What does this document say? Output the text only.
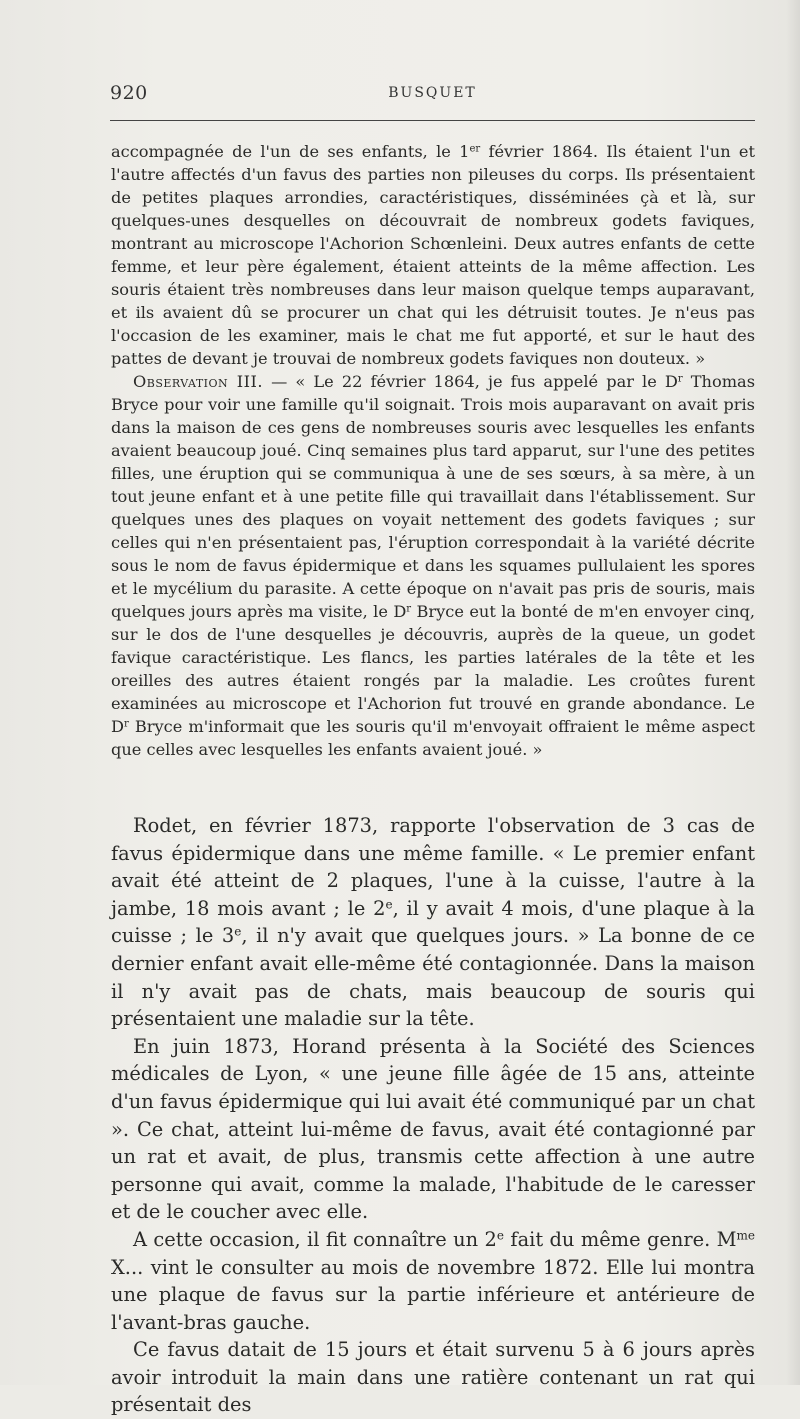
920	BUSQUET

accompagnée de l'un de ses enfants, le 1er février 1864. Ils étaient l'un et l'autre affectés d'un favus des parties non pileuses du corps. Ils présentaient de petites plaques arrondies, caractéristiques, disséminées çà et là, sur quelques-unes desquelles on découvrait de nombreux godets faviques, montrant au microscope l'Achorion Schœnleini. Deux autres enfants de cette femme, et leur père également, étaient atteints de la même affection. Les souris étaient très nombreuses dans leur maison quelque temps auparavant, et ils avaient dû se procurer un chat qui les détruisit toutes. Je n'eus pas l'occasion de les examiner, mais le chat me fut apporté, et sur le haut des pattes de devant je trouvai de nombreux godets faviques non douteux. »

Observation III. — « Le 22 février 1864, je fus appelé par le $D^r$ Thomas Bryce pour voir une famille qu'il soignait. Trois mois auparavant on avait pris dans la maison de ces gens de nombreuses souris avec lesquelles les enfants avaient beaucoup joué. Cinq semaines plus tard apparut, sur l'une des petites filles, une éruption qui se communiqua à une de ses sœurs, à sa mère, à un tout jeune enfant et à une petite fille qui travaillait dans l'établissement. Sur quelques unes des plaques on voyait nettement des godets faviques ; sur celles qui n'en présentaient pas, l'éruption correspondait à la variété décrite sous le nom de favus épidermique et dans les squames pullulaient les spores et le mycélium du parasite. A cette époque on n'avait pas pris de souris, mais quelques jours après ma visite, le $D^r$ Bryce eut la bonté de m'en envoyer cinq, sur le dos de l'une desquelles je découvris, auprès de la queue, un godet favique caractéristique. Les flancs, les parties latérales de la tête et les oreilles des autres étaient rongés par la maladie. Les croûtes furent examinées au microscope et l'Achorion fut trouvé en grande abondance. Le $D^r$ Bryce m'informait que les souris qu'il m'envoyait offraient le même aspect que celles avec lesquelles les enfants avaient joué. »

Rodet, en février 1873, rapporte l'observation de 3 cas de favus épidermique dans une même famille. « Le premier enfant avait été atteint de 2 plaques, l'une à la cuisse, l'autre à la jambe, 18 mois avant ; le 2e, il y avait 4 mois, d'une plaque à la cuisse ; le 3e, il n'y avait que quelques jours. » La bonne de ce dernier enfant avait elle-même été contagionnée. Dans la maison il n'y avait pas de chats, mais beaucoup de souris qui présentaient une maladie sur la tête.

En juin 1873, Horand présenta à la Société des Sciences médicales de Lyon, « une jeune fille âgée de 15 ans, atteinte d'un favus épidermique qui lui avait été communiqué par un chat ». Ce chat, atteint lui-même de favus, avait été contagionné par un rat et avait, de plus, transmis cette affection à une autre personne qui avait, comme la malade, l'habitude de le caresser et de le coucher avec elle.

A cette occasion, il fit connaître un 2e fait du même genre. $M^{me}$ X... vint le consulter au mois de novembre 1872. Elle lui montra une plaque de favus sur la partie inférieure et antérieure de l'avant-bras gauche.

Ce favus datait de 15 jours et était survenu 5 à 6 jours après avoir introduit la main dans une ratière contenant un rat qui présentait des
